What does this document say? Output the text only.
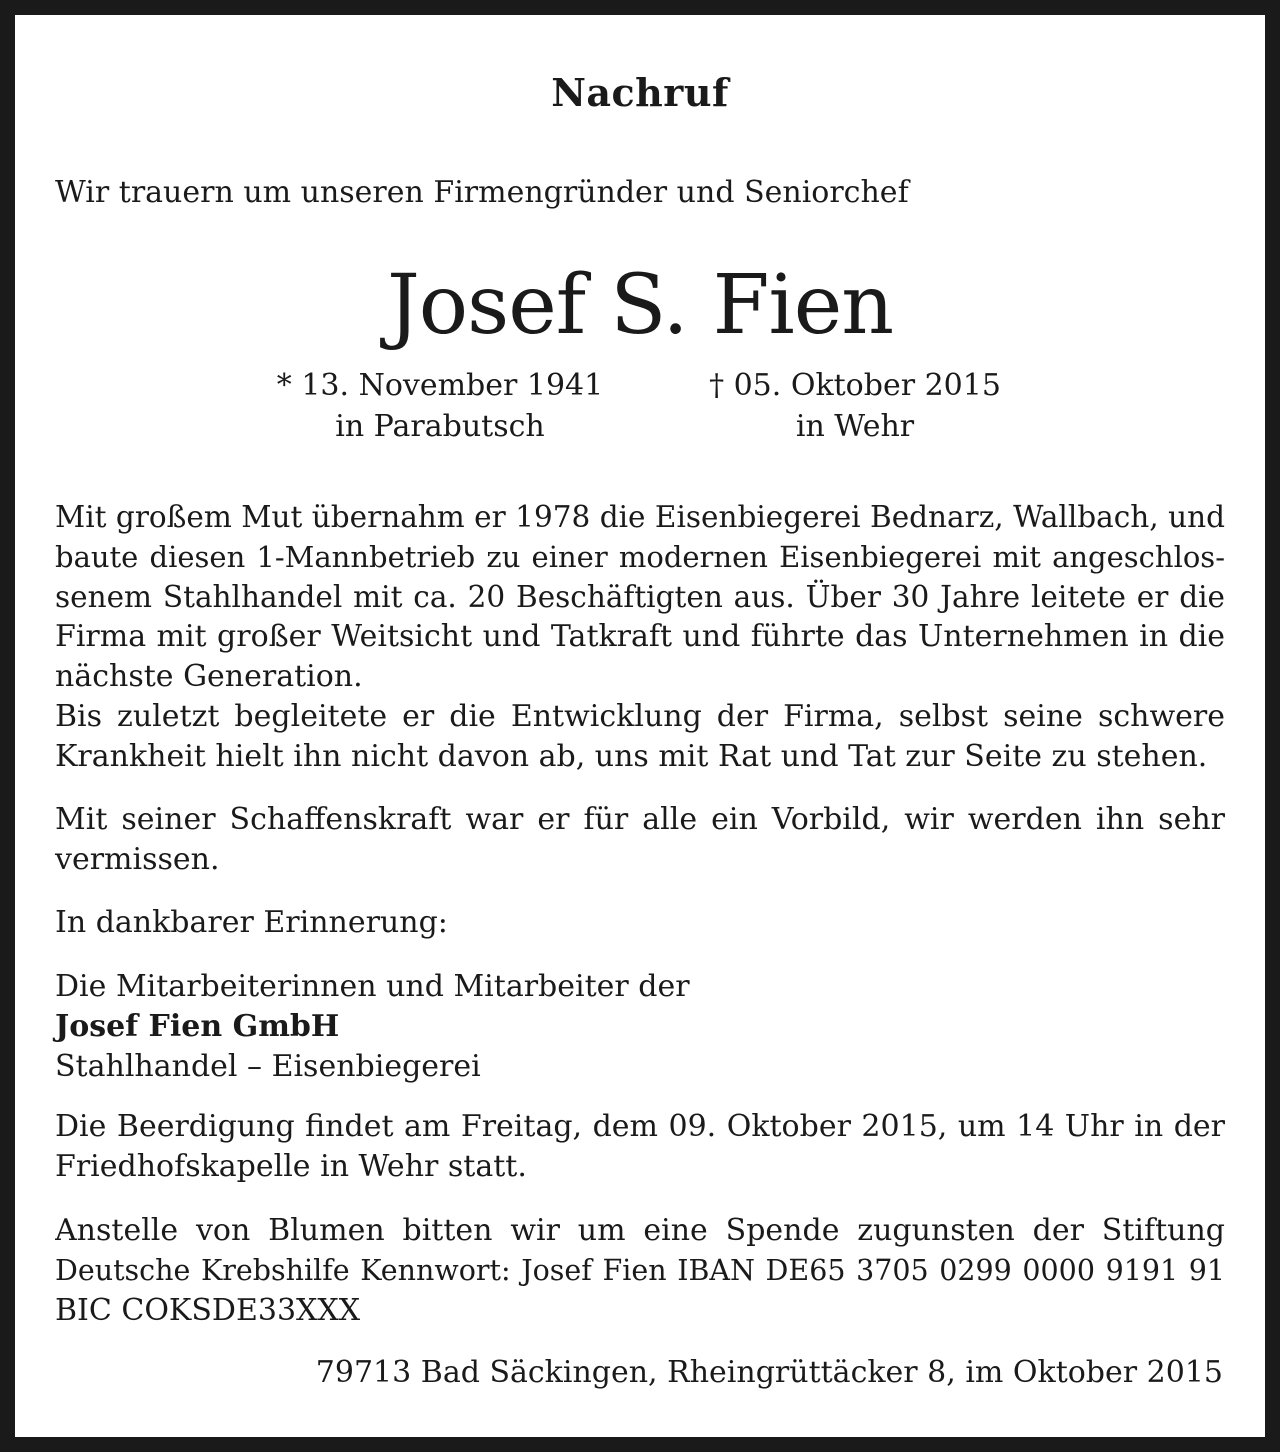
Nachruf

Wir trauern um unseren Firmengründer und Seniorchef

Josef S. Fien
* 13. November 1941	† 05. Oktober 2015
in Parabutsch	in Wehr
Mit großem Mut übernahm er 1978 die Eisenbiegerei Bednarz, Wallbach, und
baute diesen 1-Mannbetrieb zu einer modernen Eisenbiegerei mit angeschlos-
senem Stahlhandel mit ca. 20 Beschäftigten aus. Über 30 Jahre leitete er die
Firma mit großer Weitsicht und Tatkraft und führte das Unternehmen in die
nächste Generation.
Bis zuletzt begleitete er die Entwicklung der Firma, selbst seine schwere
Krankheit hielt ihn nicht davon ab, uns mit Rat und Tat zur Seite zu stehen.
Mit seiner Schaffenskraft war er für alle ein Vorbild, wir werden ihn sehr
vermissen.
In dankbarer Erinnerung:
Die Mitarbeiterinnen und Mitarbeiter der
Josef Fien GmbH
Stahlhandel – Eisenbiegerei
Die Beerdigung findet am Freitag, dem 09. Oktober 2015, um 14 Uhr in der
Friedhofskapelle in Wehr statt.
Anstelle von Blumen bitten wir um eine Spende zugunsten der Stiftung
Deutsche Krebshilfe Kennwort: Josef Fien IBAN DE65 3705 0299 0000 9191 91
BIC COKSDE33XXX
79713 Bad Säckingen, Rheingrüttäcker 8, im Oktober 2015
